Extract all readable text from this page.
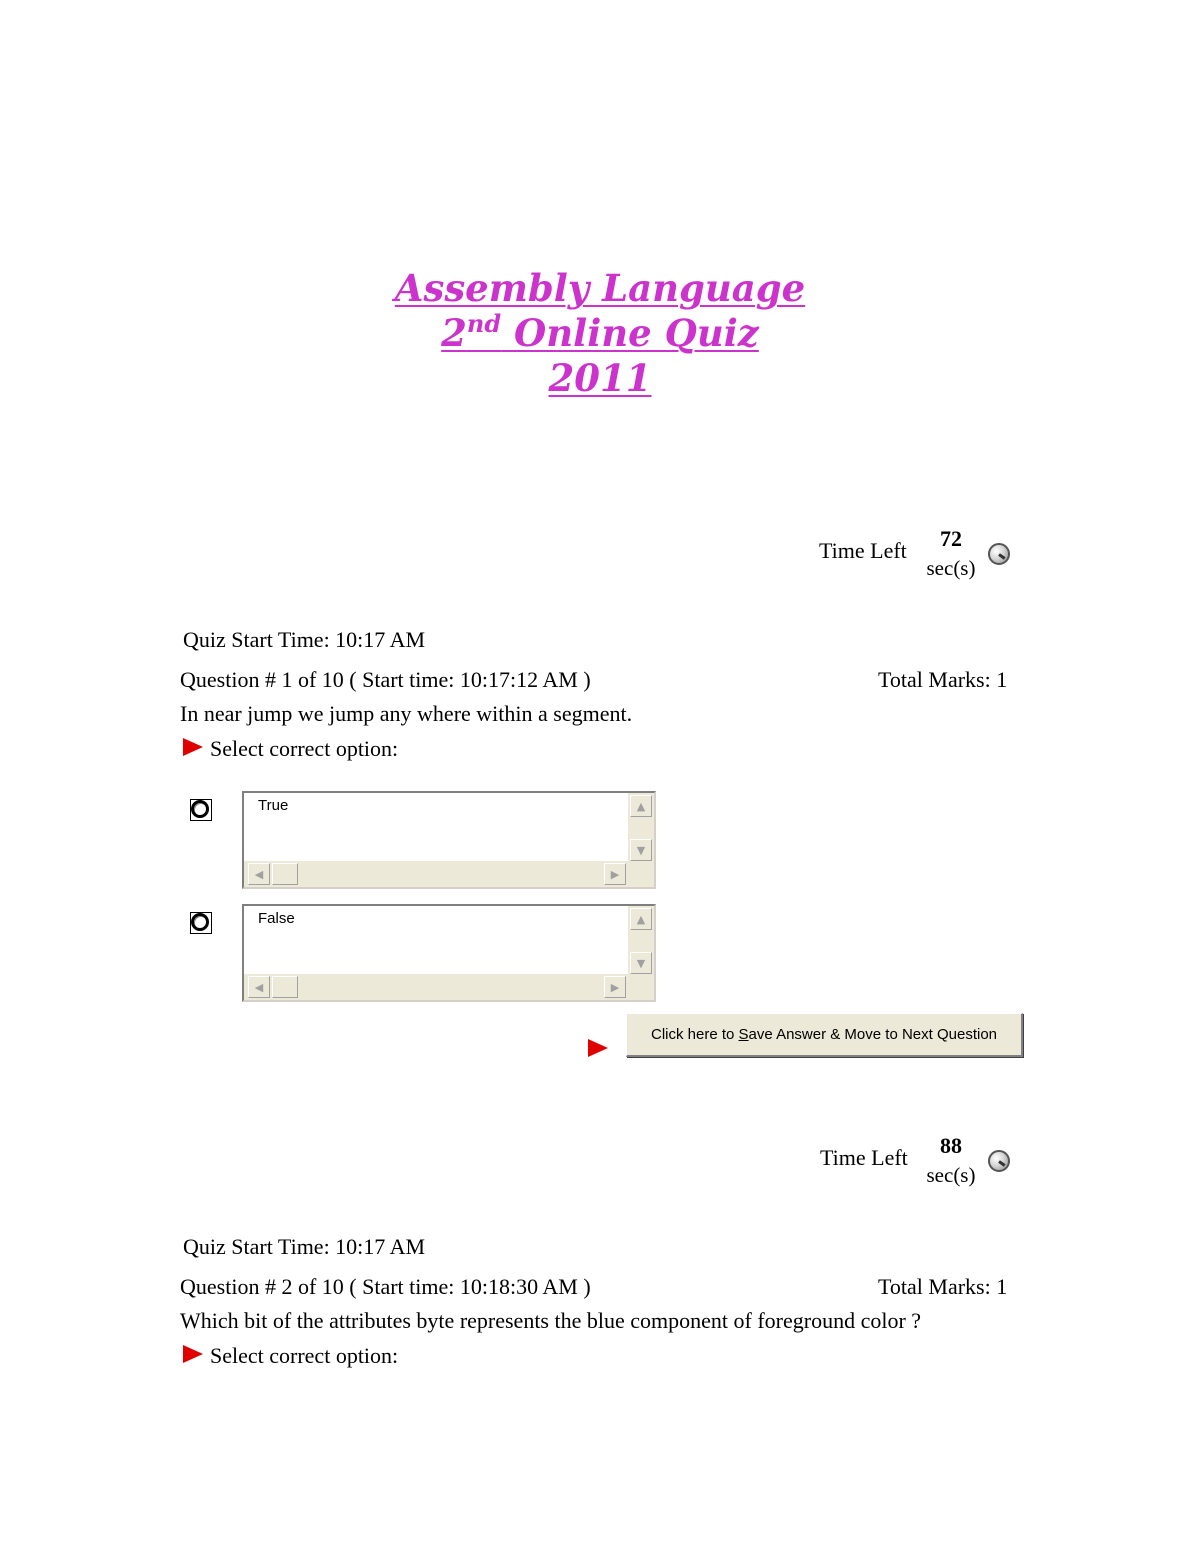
Assembly Language
2nd Online Quiz
2011
Time Left	72
sec(s)
Quiz Start Time: 10:17 AM
Question # 1 of 10 ( Start time: 10:17:12 AM )	Total Marks: 1
In near jump we jump any where within a segment.
Select correct option:
True	▲
▼
◀	▶
False	▲
▼
◀	▶
Click here to S ave Answer & Move to Next Question
Time Left	88
sec(s)
Quiz Start Time: 10:17 AM
Question # 2 of 10 ( Start time: 10:18:30 AM )	Total Marks: 1
Which bit of the attributes byte represents the blue component of foreground color ?
Select correct option:
